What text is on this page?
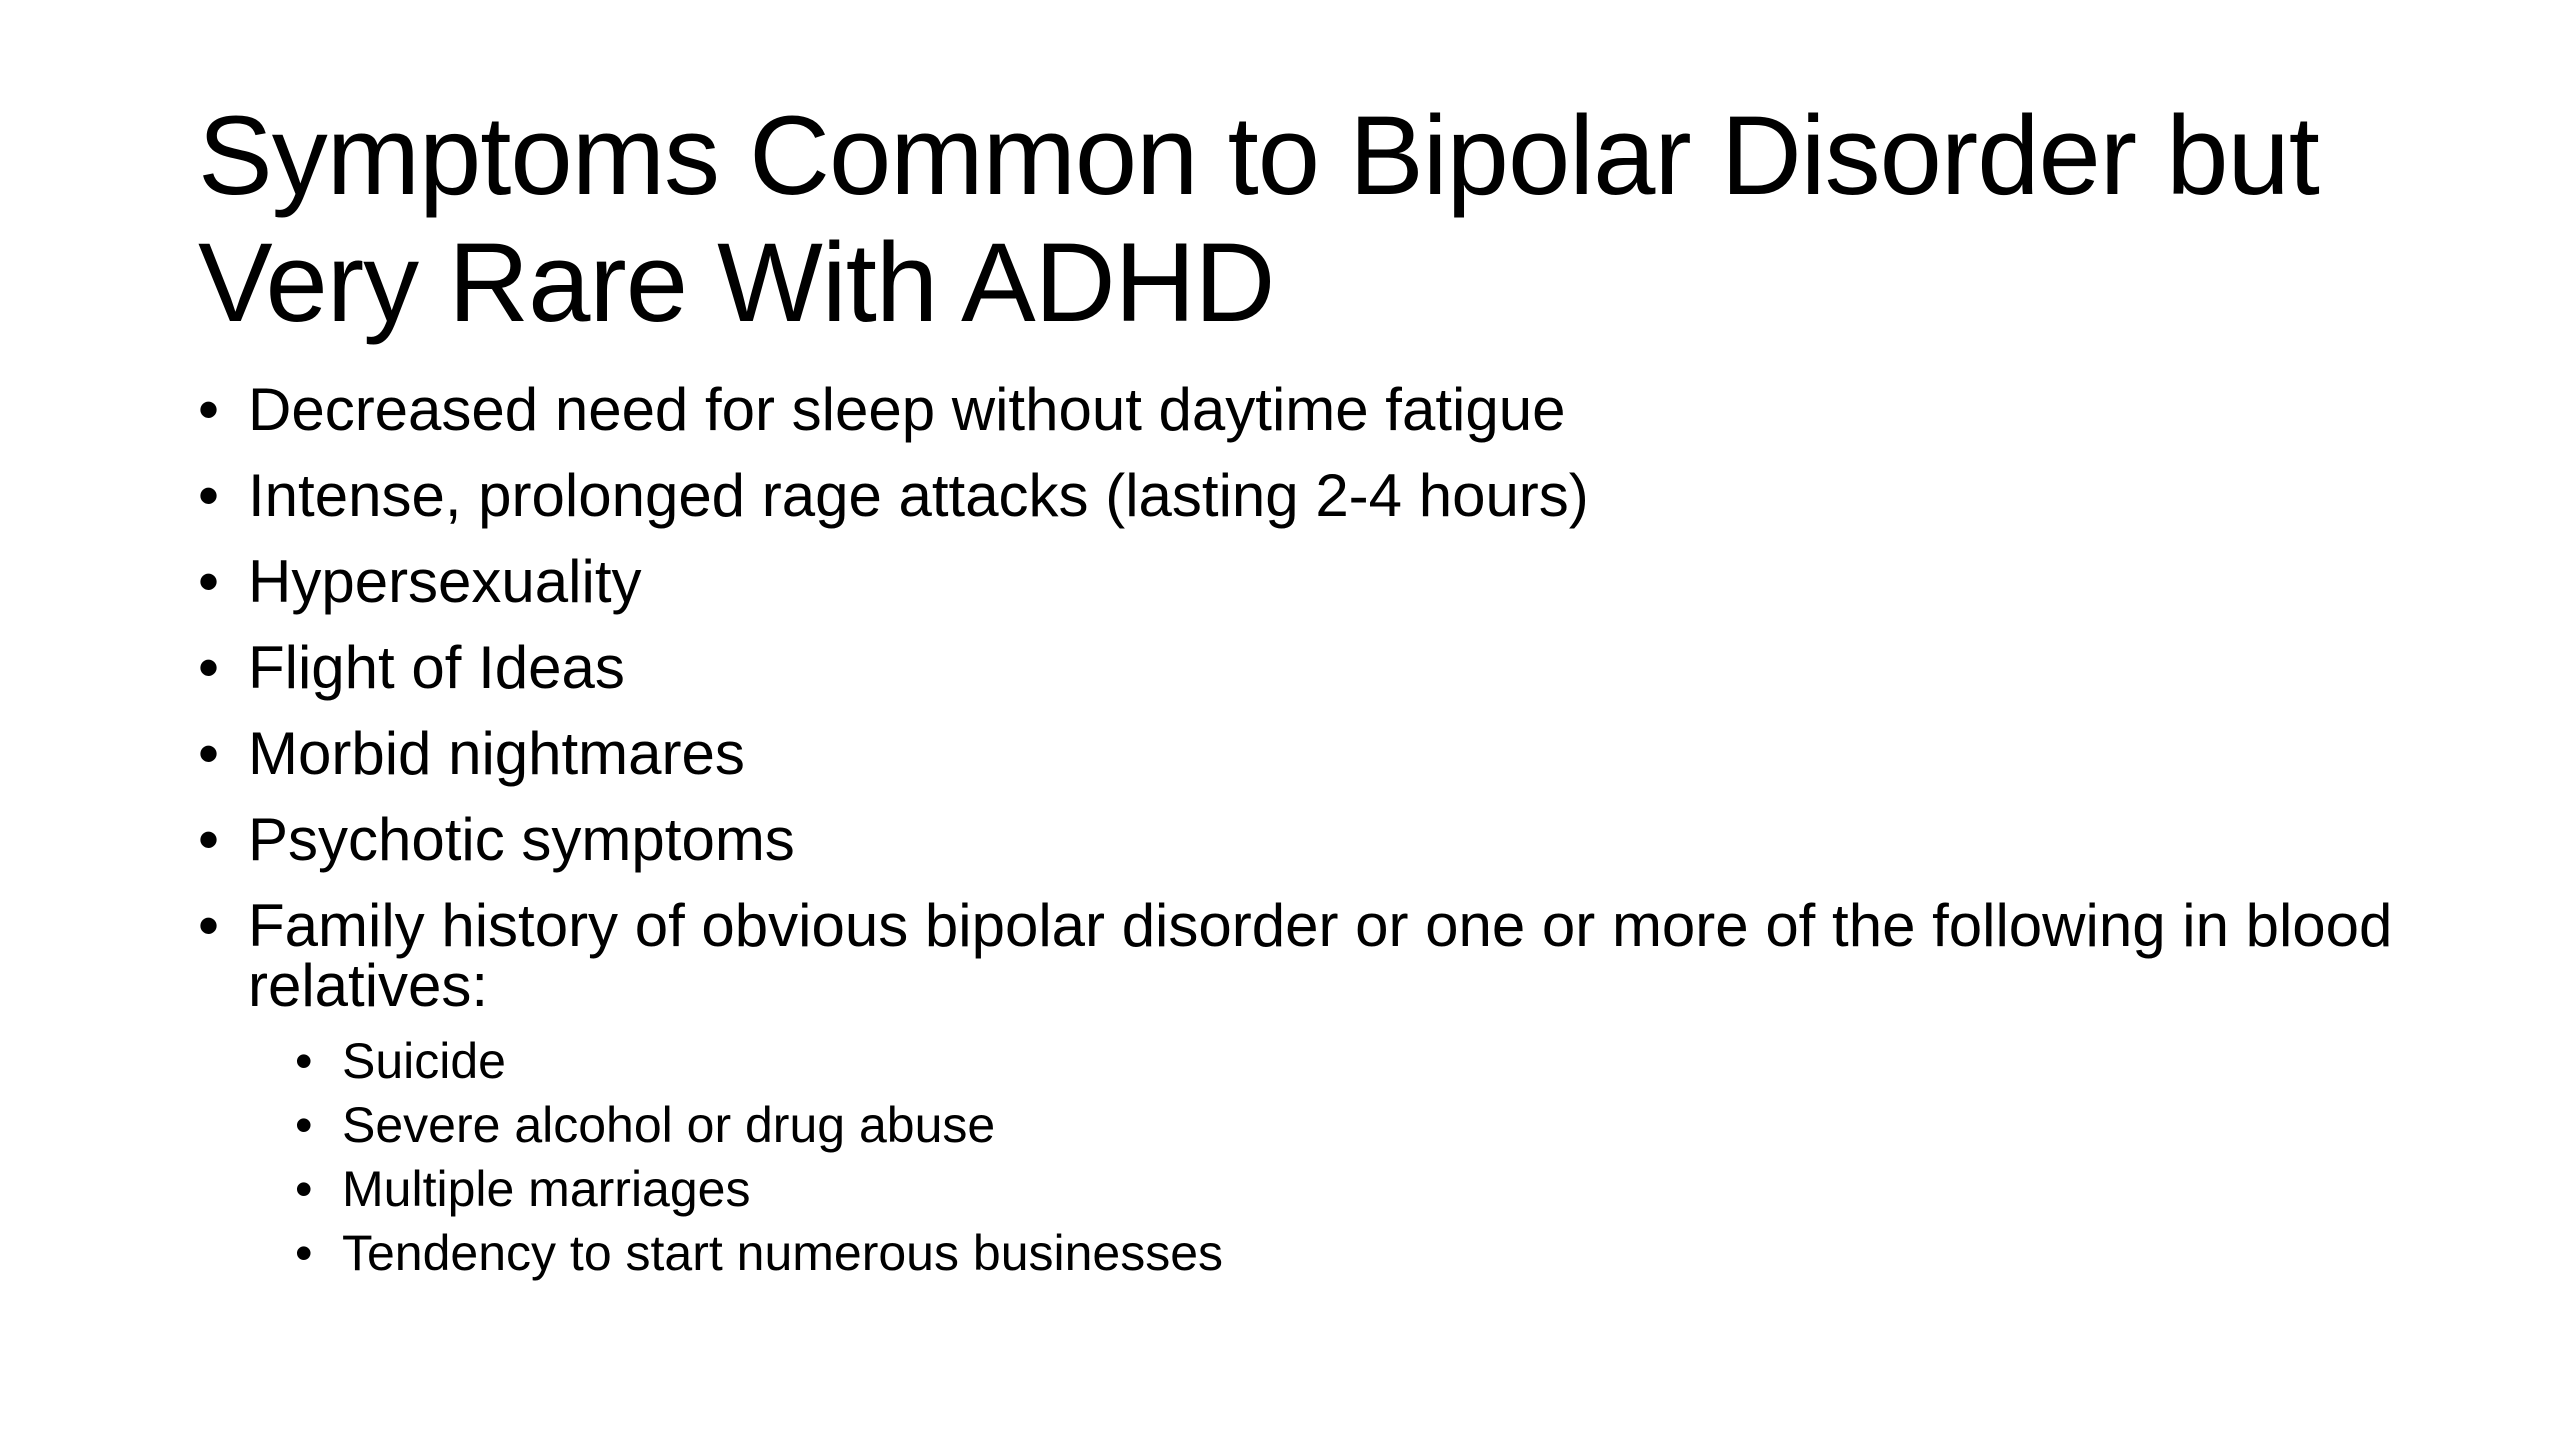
Symptoms Common to Bipolar Disorder but Very Rare With ADHD
• Decreased need for sleep without daytime fatigue
• Intense, prolonged rage attacks (lasting 2-4 hours)
• Hypersexuality
• Flight of Ideas
• Morbid nightmares
• Psychotic symptoms
• Family history of obvious bipolar disorder or one or more of the following in blood relatives:
• Suicide
• Severe alcohol or drug abuse
• Multiple marriages
• Tendency to start numerous businesses
